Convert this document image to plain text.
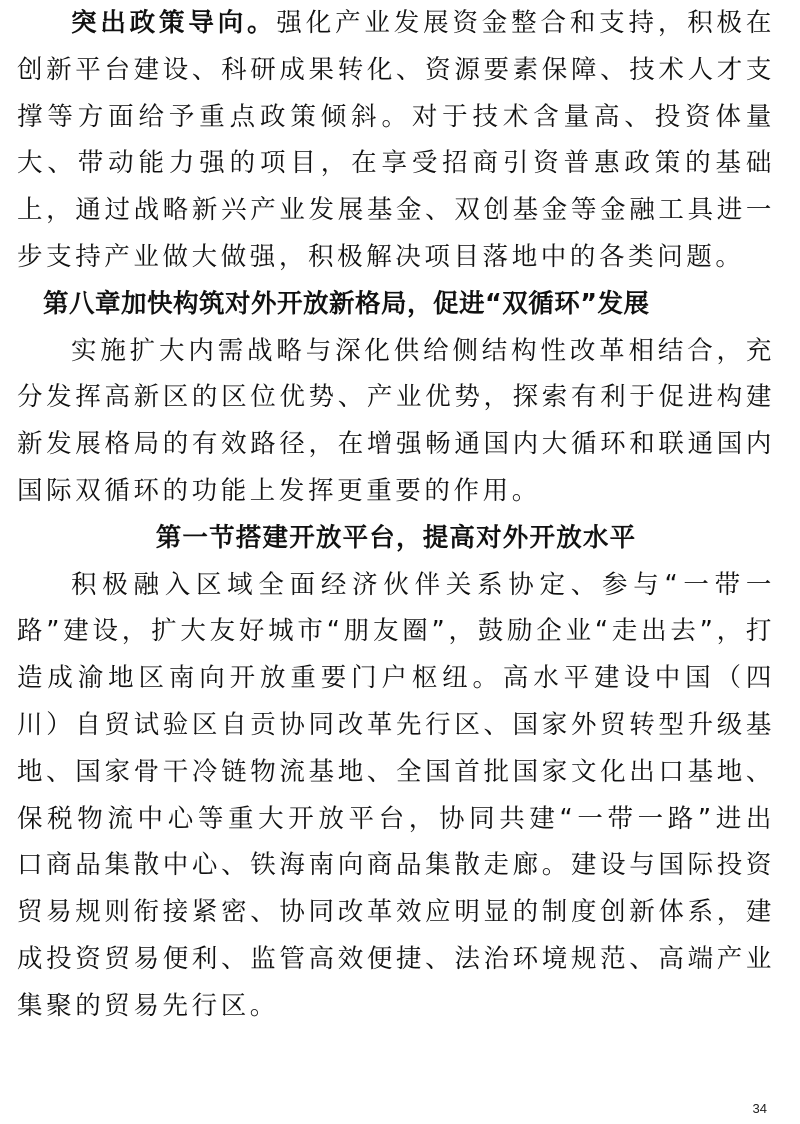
突出政策导向。强化产业发展资金整合和支持，积极在创新平台建设、科研成果转化、资源要素保障、技术人才支撑等方面给予重点政策倾斜。对于技术含量高、投资体量大、带动能力强的项目，在享受招商引资普惠政策的基础上，通过战略新兴产业发展基金、双创基金等金融工具进一步支持产业做大做强，积极解决项目落地中的各类问题。

第八章加快构筑对外开放新格局，促进“双循环”发展

实施扩大内需战略与深化供给侧结构性改革相结合，充分发挥高新区的区位优势、产业优势，探索有利于促进构建新发展格局的有效路径，在增强畅通国内大循环和联通国内国际双循环的功能上发挥更重要的作用。

第一节搭建开放平台，提高对外开放水平

积极融入区域全面经济伙伴关系协定、参与“一带一路”建设，扩大友好城市“朋友圈”，鼓励企业“走出去”，打造成渝地区南向开放重要门户枢纽。高水平建设中国（四川）自贸试验区自贡协同改革先行区、国家外贸转型升级基地、国家骨干冷链物流基地、全国首批国家文化出口基地、保税物流中心等重大开放平台，协同共建“一带一路”进出口商品集散中心、铁海南向商品集散走廊。建设与国际投资贸易规则衔接紧密、协同改革效应明显的制度创新体系，建成投资贸易便利、监管高效便捷、法治环境规范、高端产业集聚的贸易先行区。

34
